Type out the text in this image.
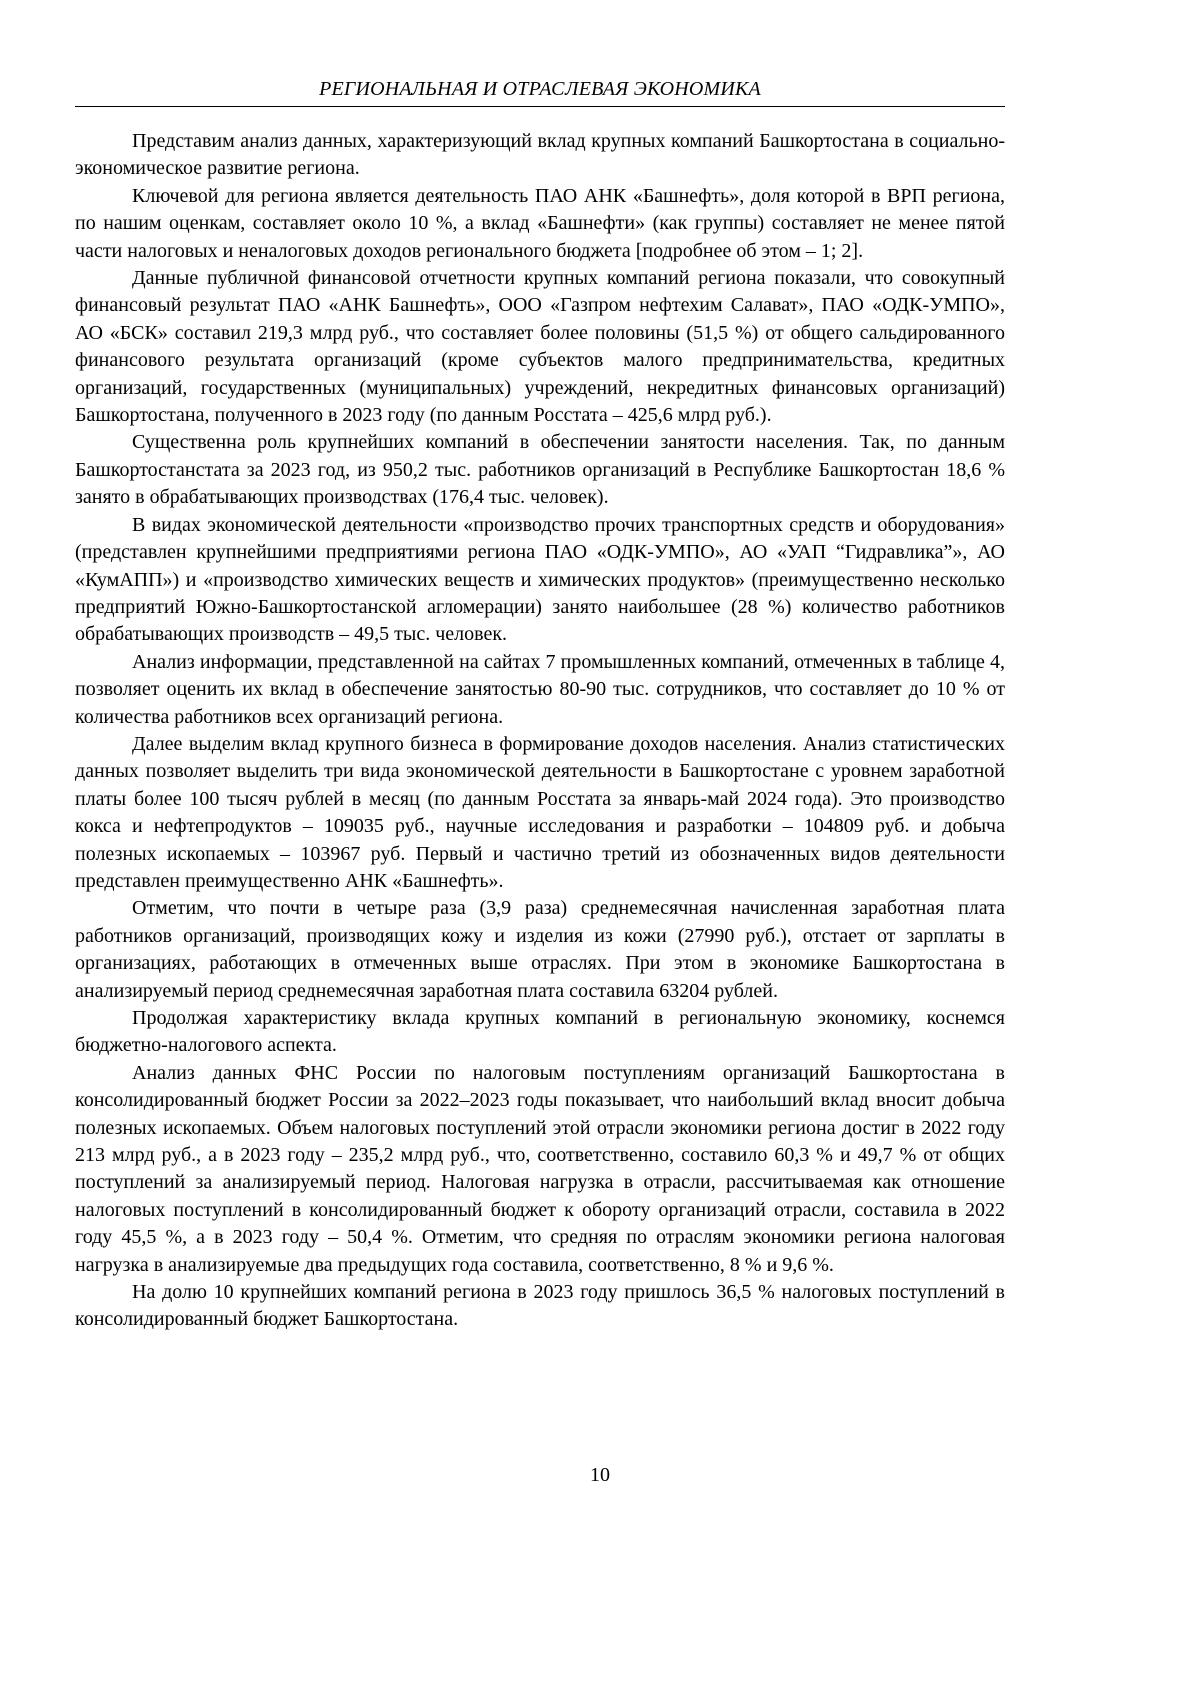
РЕГИОНАЛЬНАЯ И ОТРАСЛЕВАЯ ЭКОНОМИКА

Представим анализ данных, характеризующий вклад крупных компаний Башкортостана в социально-экономическое развитие региона.

Ключевой для региона является деятельность ПАО АНК «Башнефть», доля которой в ВРП региона, по нашим оценкам, составляет около 10 %, а вклад «Башнефти» (как группы) составляет не менее пятой части налоговых и неналоговых доходов регионального бюджета [подробнее об этом – 1; 2].

Данные публичной финансовой отчетности крупных компаний региона показали, что совокупный финансовый результат ПАО «АНК Башнефть», ООО «Газпром нефтехим Салават», ПАО «ОДК-УМПО», АО «БСК» составил 219,3 млрд руб., что составляет более половины (51,5 %) от общего сальдированного финансового результата организаций (кроме субъектов малого предпринимательства, кредитных организаций, государственных (муниципальных) учреждений, некредитных финансовых организаций) Башкортостана, полученного в 2023 году (по данным Росстата – 425,6 млрд руб.).

Существенна роль крупнейших компаний в обеспечении занятости населения. Так, по данным Башкортостанстата за 2023 год, из 950,2 тыс. работников организаций в Республике Башкортостан 18,6 % занято в обрабатывающих производствах (176,4 тыс. человек).

В видах экономической деятельности «производство прочих транспортных средств и оборудования» (представлен крупнейшими предприятиями региона ПАО «ОДК-УМПО», АО «УАП “Гидравлика”», АО «КумАПП») и «производство химических веществ и химических продуктов» (преимущественно несколько предприятий Южно-Башкортостанской агломерации) занято наибольшее (28 %) количество работников обрабатывающих производств – 49,5 тыс. человек.

Анализ информации, представленной на сайтах 7 промышленных компаний, отмеченных в таблице 4, позволяет оценить их вклад в обеспечение занятостью 80-90 тыс. сотрудников, что составляет до 10 % от количества работников всех организаций региона.

Далее выделим вклад крупного бизнеса в формирование доходов населения. Анализ статистических данных позволяет выделить три вида экономической деятельности в Башкортостане с уровнем заработной платы более 100 тысяч рублей в месяц (по данным Росстата за январь-май 2024 года). Это производство кокса и нефтепродуктов – 109035 руб., научные исследования и разработки – 104809 руб. и добыча полезных ископаемых – 103967 руб. Первый и частично третий из обозначенных видов деятельности представлен преимущественно АНК «Башнефть».

Отметим, что почти в четыре раза (3,9 раза) среднемесячная начисленная заработная плата работников организаций, производящих кожу и изделия из кожи (27990 руб.), отстает от зарплаты в организациях, работающих в отмеченных выше отраслях. При этом в экономике Башкортостана в анализируемый период среднемесячная заработная плата составила 63204 рублей.

Продолжая характеристику вклада крупных компаний в региональную экономику, коснемся бюджетно-налогового аспекта.

Анализ данных ФНС России по налоговым поступлениям организаций Башкортостана в консолидированный бюджет России за 2022–2023 годы показывает, что наибольший вклад вносит добыча полезных ископаемых. Объем налоговых поступлений этой отрасли экономики региона достиг в 2022 году 213 млрд руб., а в 2023 году – 235,2 млрд руб., что, соответственно, составило 60,3 % и 49,7 % от общих поступлений за анализируемый период. Налоговая нагрузка в отрасли, рассчитываемая как отношение налоговых поступлений в консолидированный бюджет к обороту организаций отрасли, составила в 2022 году 45,5 %, а в 2023 году – 50,4 %. Отметим, что средняя по отраслям экономики региона налоговая нагрузка в анализируемые два предыдущих года составила, соответственно, 8 % и 9,6 %.

На долю 10 крупнейших компаний региона в 2023 году пришлось 36,5 % налоговых поступлений в консолидированный бюджет Башкортостана.

10
